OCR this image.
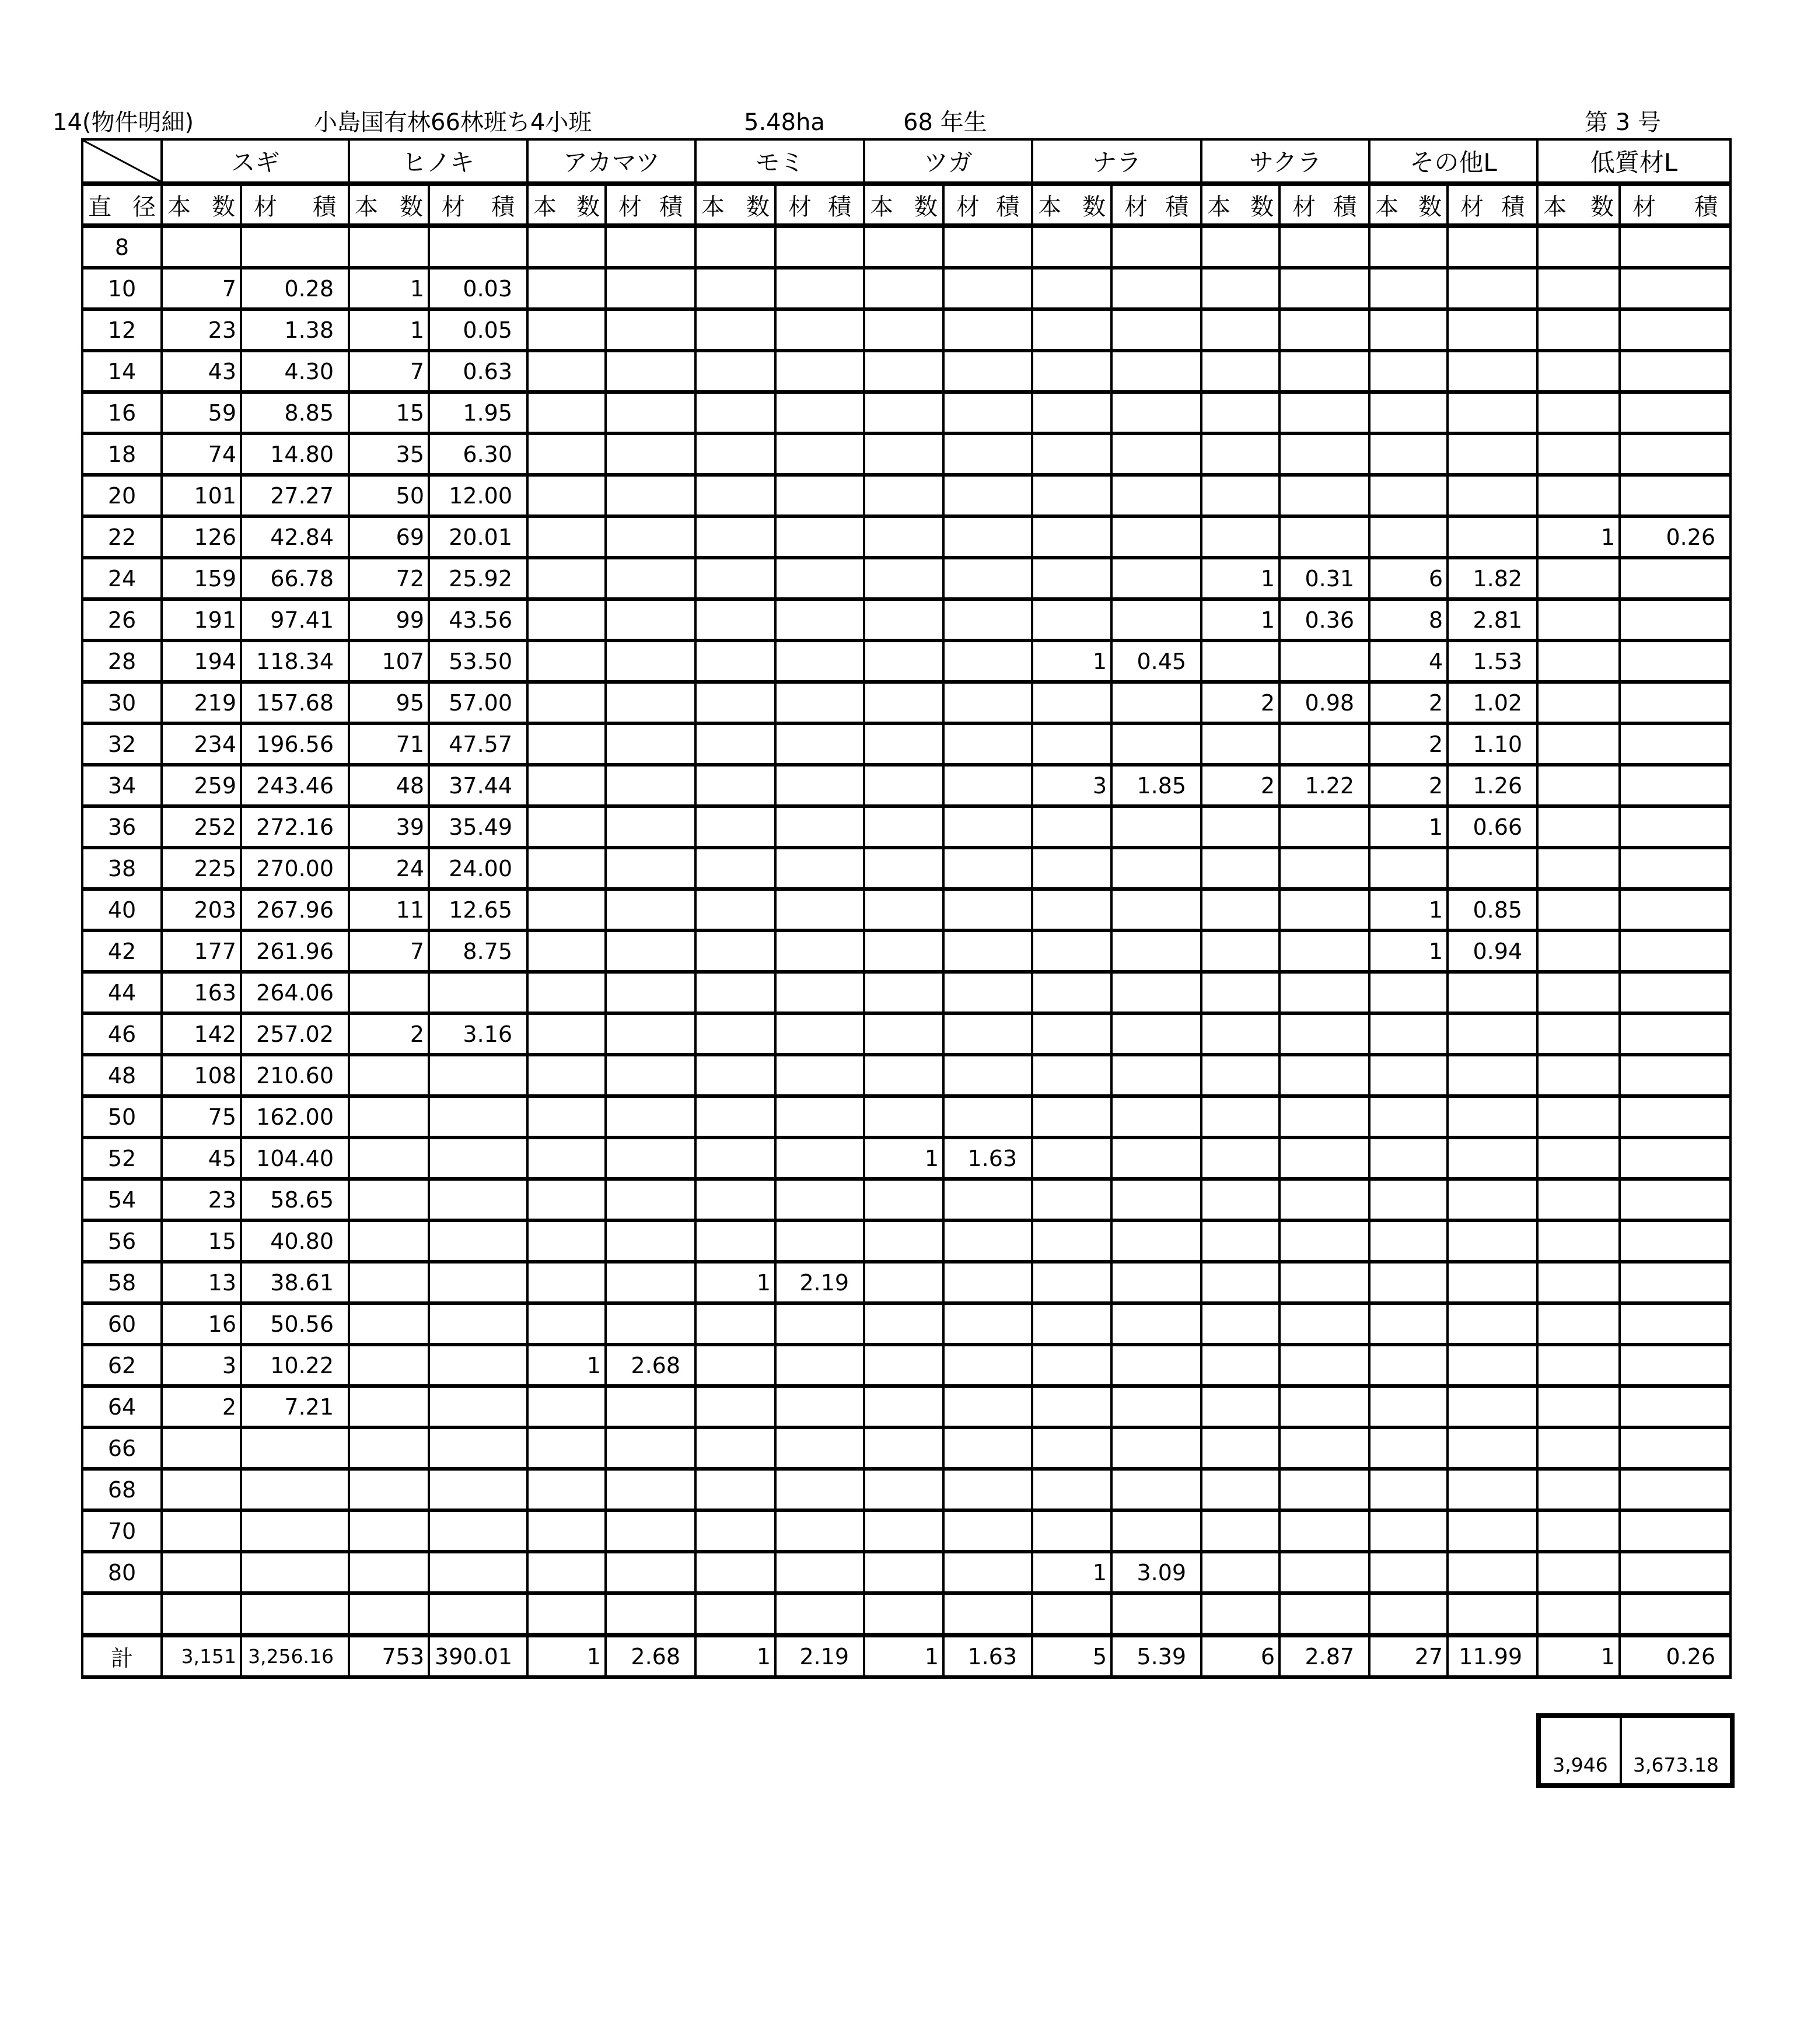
14(物件明細)	小島国有林66林班ち4小班	5.48ha	68 年生	第 3 号
	スギ		ヒノキ		アカマツ		モミ		ツガ		ナラ		サクラ		その他L		低質材L	

直 径	本 数	材 積	本 数	材 積	本 数	材 積	本 数	材 積	本 数	材 積	本 数	材 積	本 数	材 積	本 数	材 積	本 数	材 積

8																		
10	7	0.28	1	0.03														
12	23	1.38	1	0.05														
14	43	4.30	7	0.63														
16	59	8.85	15	1.95														
18	74	14.80	35	6.30														
20	101	27.27	50	12.00														
22	126	42.84	69	20.01													1	0.26
24	159	66.78	72	25.92									1	0.31	6	1.82		
26	191	97.41	99	43.56									1	0.36	8	2.81		
28	194	118.34	107	53.50							1	0.45			4	1.53		
30	219	157.68	95	57.00									2	0.98	2	1.02		
32	234	196.56	71	47.57											2	1.10		
34	259	243.46	48	37.44							3	1.85	2	1.22	2	1.26		
36	252	272.16	39	35.49											1	0.66		
38	225	270.00	24	24.00														
40	203	267.96	11	12.65											1	0.85		
42	177	261.96	7	8.75											1	0.94		
44	163	264.06																
46	142	257.02	2	3.16														
48	108	210.60																
50	75	162.00																
52	45	104.40							1	1.63								
54	23	58.65																
56	15	40.80																
58	13	38.61					1	2.19										
60	16	50.56																
62	3	10.22			1	2.68												
64	2	7.21																
66																		
68																		
70																		
80											1	3.09						

計	3,151	3,256.16	753	390.01	1	2.68	1	2.19	1	1.63	5	5.39	6	2.87	27	11.99	1	0.26
3,946	3,673.18
